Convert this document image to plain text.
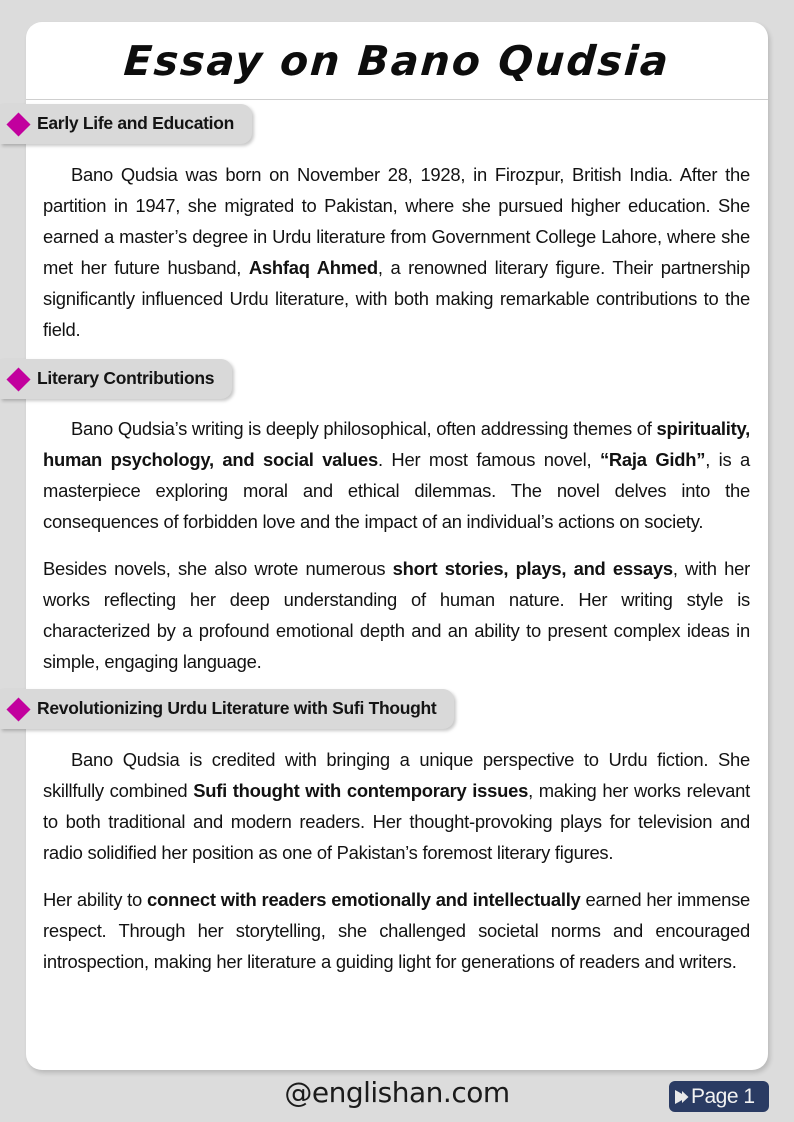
Essay on Bano Qudsia
Early Life and Education

Bano Qudsia was born on November 28, 1928, in Firozpur, British India. After the partition in 1947, she migrated to Pakistan, where she pursued higher education. She earned a master’s degree in Urdu literature from Government College Lahore, where she met her future husband, Ashfaq Ahmed, a renowned literary figure. Their partnership significantly influenced Urdu literature, with both making remarkable contributions to the field.

Literary Contributions

Bano Qudsia’s writing is deeply philosophical, often addressing themes of spirituality, human psychology, and social values. Her most famous novel, “Raja Gidh”, is a masterpiece exploring moral and ethical dilemmas. The novel delves into the consequences of forbidden love and the impact of an individual’s actions on society.

Besides novels, she also wrote numerous short stories, plays, and essays, with her works reflecting her deep understanding of human nature. Her writing style is characterized by a profound emotional depth and an ability to present complex ideas in simple, engaging language.

Revolutionizing Urdu Literature with Sufi Thought

Bano Qudsia is credited with bringing a unique perspective to Urdu fiction. She skillfully combined Sufi thought with contemporary issues, making her works relevant to both traditional and modern readers. Her thought-provoking plays for television and radio solidified her position as one of Pakistan’s foremost literary figures.

Her ability to connect with readers emotionally and intellectually earned her immense respect. Through her storytelling, she challenged societal norms and encouraged introspection, making her literature a guiding light for generations of readers and writers.

@englishan.com	Page 1
